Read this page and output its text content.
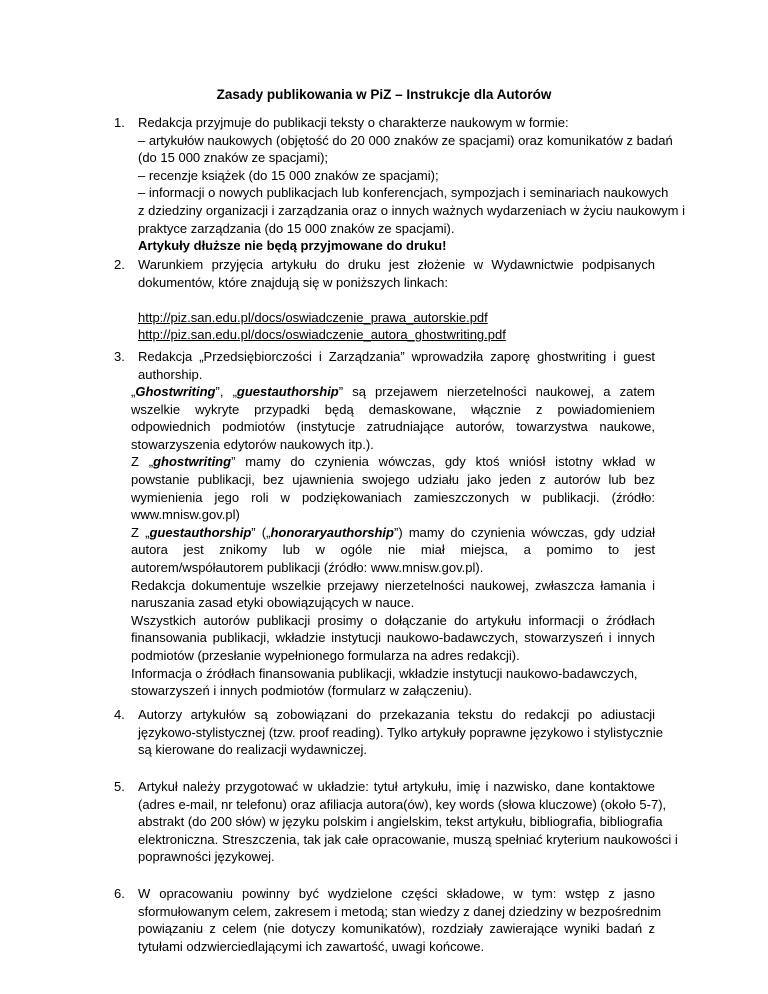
Zasady publikowania w PiZ – Instrukcje dla Autorów
1.	Redakcja przyjmuje do publikacji teksty o charakterze naukowym w formie:
– artykułów naukowych (objętość do 20 000 znaków ze spacjami) oraz komunikatów z badań
(do 15 000 znaków ze spacjami);
– recenzje książek (do 15 000 znaków ze spacjami);
– informacji o nowych publikacjach lub konferencjach, sympozjach i seminariach naukowych
z dziedziny organizacji i zarządzania oraz o innych ważnych wydarzeniach w życiu naukowym i
praktyce zarządzania (do 15 000 znaków ze spacjami).
Artykuły dłuższe nie będą przyjmowane do druku!
2.	Warunkiem przyjęcia artykułu do druku jest złożenie w Wydawnictwie podpisanych
dokumentów, które znajdują się w poniższych linkach:
http://piz.san.edu.pl/docs/oswiadczenie_prawa_autorskie.pdf
http://piz.san.edu.pl/docs/oswiadczenie_autora_ghostwriting.pdf
3.	Redakcja „Przedsiębiorczości i Zarządzania” wprowadziła zaporę ghostwriting i guest
authorship.
„Ghostwriting”, „guestauthorship” są przejawem nierzetelności naukowej, a zatem
wszelkie wykryte przypadki będą demaskowane, włącznie z powiadomieniem
odpowiednich podmiotów (instytucje zatrudniające autorów, towarzystwa naukowe,
stowarzyszenia edytorów naukowych itp.).
Z „ghostwriting” mamy do czynienia wówczas, gdy ktoś wniósł istotny wkład w
powstanie publikacji, bez ujawnienia swojego udziału jako jeden z autorów lub bez
wymienienia jego roli w podziękowaniach zamieszczonych w publikacji. (źródło:
www.mnisw.gov.pl)
Z „guestauthorship” („honoraryauthorship”) mamy do czynienia wówczas, gdy udział
autora jest znikomy lub w ogóle nie miał miejsca, a pomimo to jest
autorem/współautorem publikacji (źródło: www.mnisw.gov.pl).
Redakcja dokumentuje wszelkie przejawy nierzetelności naukowej, zwłaszcza łamania i
naruszania zasad etyki obowiązujących w nauce.
Wszystkich autorów publikacji prosimy o dołączanie do artykułu informacji o źródłach
finansowania publikacji, wkładzie instytucji naukowo-badawczych, stowarzyszeń i innych
podmiotów (przesłanie wypełnionego formularza na adres redakcji).
Informacja o źródłach finansowania publikacji, wkładzie instytucji naukowo-badawczych,
stowarzyszeń i innych podmiotów (formularz w załączeniu).
4.	Autorzy artykułów są zobowiązani do przekazania tekstu do redakcji po adiustacji
językowo-stylistycznej (tzw. proof reading). Tylko artykuły poprawne językowo i stylistycznie
są kierowane do realizacji wydawniczej.
5.	Artykuł należy przygotować w układzie: tytuł artykułu, imię i nazwisko, dane kontaktowe
(adres e-mail, nr telefonu) oraz afiliacja autora(ów), key words (słowa kluczowe) (około 5-7),
abstrakt (do 200 słów) w języku polskim i angielskim, tekst artykułu, bibliografia, bibliografia
elektroniczna. Streszczenia, tak jak całe opracowanie, muszą spełniać kryterium naukowości i
poprawności językowej.
6.	W opracowaniu powinny być wydzielone części składowe, w tym: wstęp z jasno
sformułowanym celem, zakresem i metodą; stan wiedzy z danej dziedziny w bezpośrednim
powiązaniu z celem (nie dotyczy komunikatów), rozdziały zawierające wyniki badań z
tytułami odzwierciedlającymi ich zawartość, uwagi końcowe.
